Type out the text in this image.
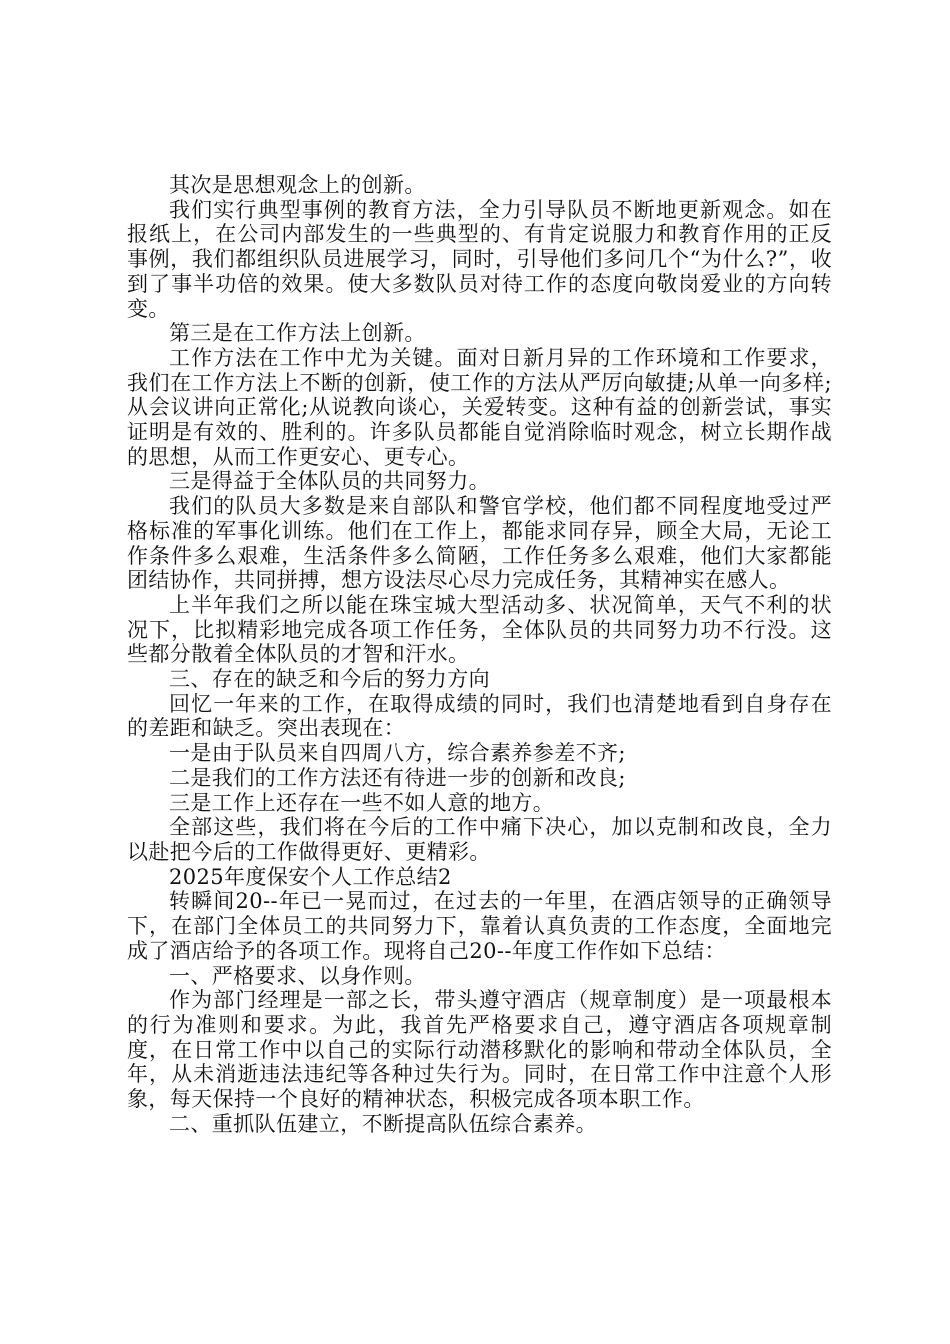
其次是思想观念上的创新。

我们实行典型事例的教育方法，全力引导队员不断地更新观念。如在报纸上，在公司内部发生的一些典型的、有肯定说服力和教育作用的正反事例，我们都组织队员进展学习，同时，引导他们多问几个“为什么?”，收到了事半功倍的效果。使大多数队员对待工作的态度向敬岗爱业的方向转变。

第三是在工作方法上创新。

工作方法在工作中尤为关键。面对日新月异的工作环境和工作要求，我们在工作方法上不断的创新，使工作的方法从严厉向敏捷;从单一向多样;从会议讲向正常化;从说教向谈心，关爱转变。这种有益的创新尝试，事实证明是有效的、胜利的。许多队员都能自觉消除临时观念，树立长期作战的思想，从而工作更安心、更专心。

三是得益于全体队员的共同努力。

我们的队员大多数是来自部队和警官学校，他们都不同程度地受过严格标准的军事化训练。他们在工作上，都能求同存异，顾全大局，无论工作条件多么艰难，生活条件多么简陋，工作任务多么艰难，他们大家都能团结协作，共同拼搏，想方设法尽心尽力完成任务，其精神实在感人。

上半年我们之所以能在珠宝城大型活动多、状况简单，天气不利的状况下，比拟精彩地完成各项工作任务，全体队员的共同努力功不行没。这些都分散着全体队员的才智和汗水。

三、存在的缺乏和今后的努力方向

回忆一年来的工作，在取得成绩的同时，我们也清楚地看到自身存在的差距和缺乏。突出表现在：

一是由于队员来自四周八方，综合素养参差不齐;

二是我们的工作方法还有待进一步的创新和改良;

三是工作上还存在一些不如人意的地方。

全部这些，我们将在今后的工作中痛下决心，加以克制和改良，全力以赴把今后的工作做得更好、更精彩。

2025年度保安个人工作总结2

转瞬间20--年已一晃而过，在过去的一年里，在酒店领导的正确领导下，在部门全体员工的共同努力下，靠着认真负责的工作态度，全面地完成了酒店给予的各项工作。现将自己20--年度工作作如下总结：

一、严格要求、以身作则。

作为部门经理是一部之长，带头遵守酒店（规章制度）是一项最根本的行为准则和要求。为此，我首先严格要求自己，遵守酒店各项规章制度，在日常工作中以自己的实际行动潜移默化的影响和带动全体队员，全年，从未消逝违法违纪等各种过失行为。同时，在日常工作中注意个人形象，每天保持一个良好的精神状态，积极完成各项本职工作。

二、重抓队伍建立，不断提高队伍综合素养。
